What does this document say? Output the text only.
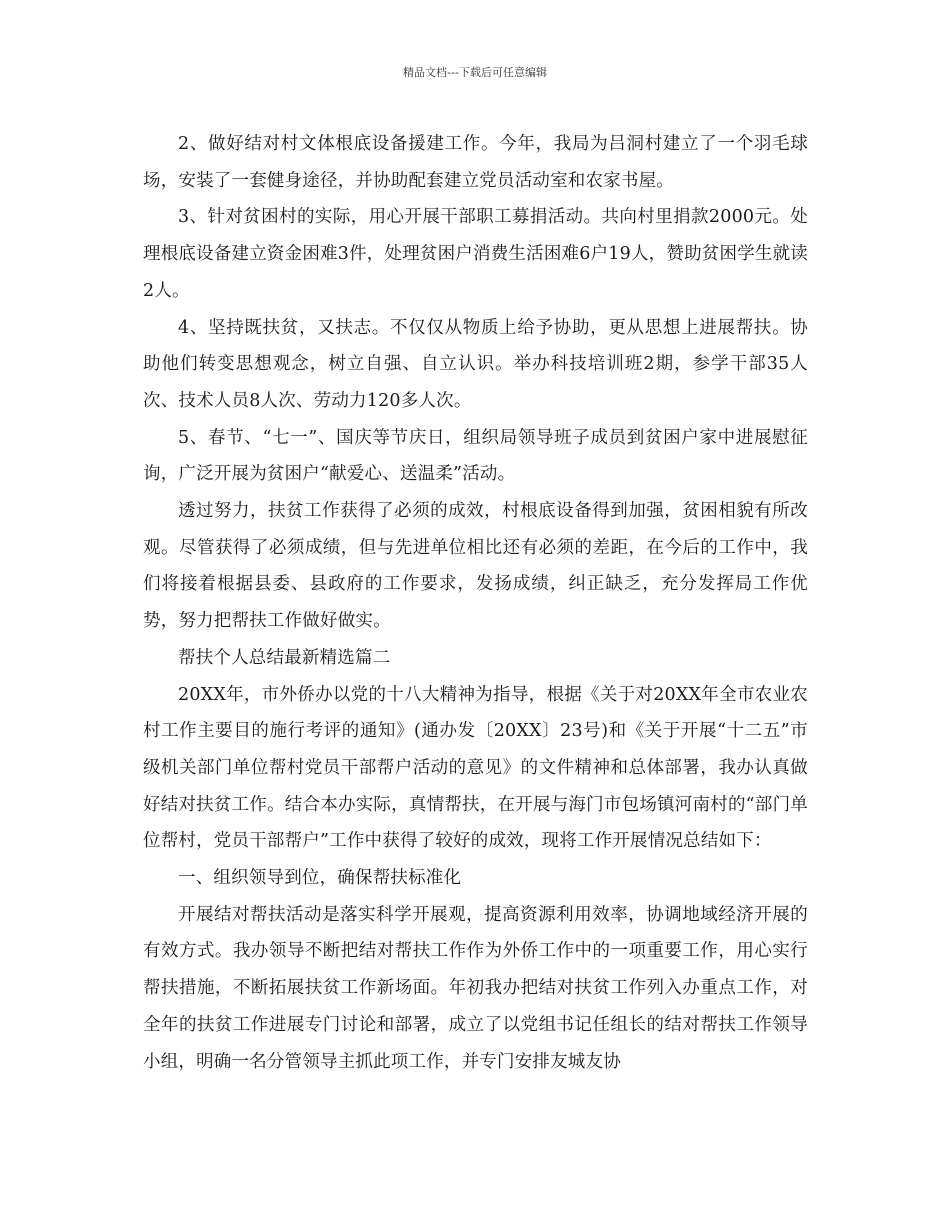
精品文档---下载后可任意编辑

2、做好结对村文体根底设备援建工作。今年，我局为吕洞村建立了一个羽毛球场，安装了一套健身途径，并协助配套建立党员活动室和农家书屋。

3、针对贫困村的实际，用心开展干部职工募捐活动。共向村里捐款2000元。处理根底设备建立资金困难3件，处理贫困户消费生活困难6户19人，赞助贫困学生就读2人。

4、坚持既扶贫，又扶志。不仅仅从物质上给予协助，更从思想上进展帮扶。协助他们转变思想观念，树立自强、自立认识。举办科技培训班2期，参学干部35人次、技术人员8人次、劳动力120多人次。

5、春节、“七一”、国庆等节庆日，组织局领导班子成员到贫困户家中进展慰征询，广泛开展为贫困户“献爱心、送温柔”活动。

透过努力，扶贫工作获得了必须的成效，村根底设备得到加强，贫困相貌有所改观。尽管获得了必须成绩，但与先进单位相比还有必须的差距，在今后的工作中，我们将接着根据县委、县政府的工作要求，发扬成绩，纠正缺乏，充分发挥局工作优势，努力把帮扶工作做好做实。

帮扶个人总结最新精选篇二

20XX年，市外侨办以党的十八大精神为指导，根据《关于对20XX年全市农业农村工作主要目的施行考评的通知》(通办发〔20XX〕23号)和《关于开展“十二五”市级机关部门单位帮村党员干部帮户活动的意见》的文件精神和总体部署，我办认真做好结对扶贫工作。结合本办实际，真情帮扶，在开展与海门市包场镇河南村的“部门单位帮村，党员干部帮户”工作中获得了较好的成效，现将工作开展情况总结如下：

一、组织领导到位，确保帮扶标准化

开展结对帮扶活动是落实科学开展观，提高资源利用效率，协调地域经济开展的有效方式。我办领导不断把结对帮扶工作作为外侨工作中的一项重要工作，用心实行帮扶措施，不断拓展扶贫工作新场面。年初我办把结对扶贫工作列入办重点工作，对全年的扶贫工作进展专门讨论和部署，成立了以党组书记任组长的结对帮扶工作领导小组，明确一名分管领导主抓此项工作，并专门安排友城友协
